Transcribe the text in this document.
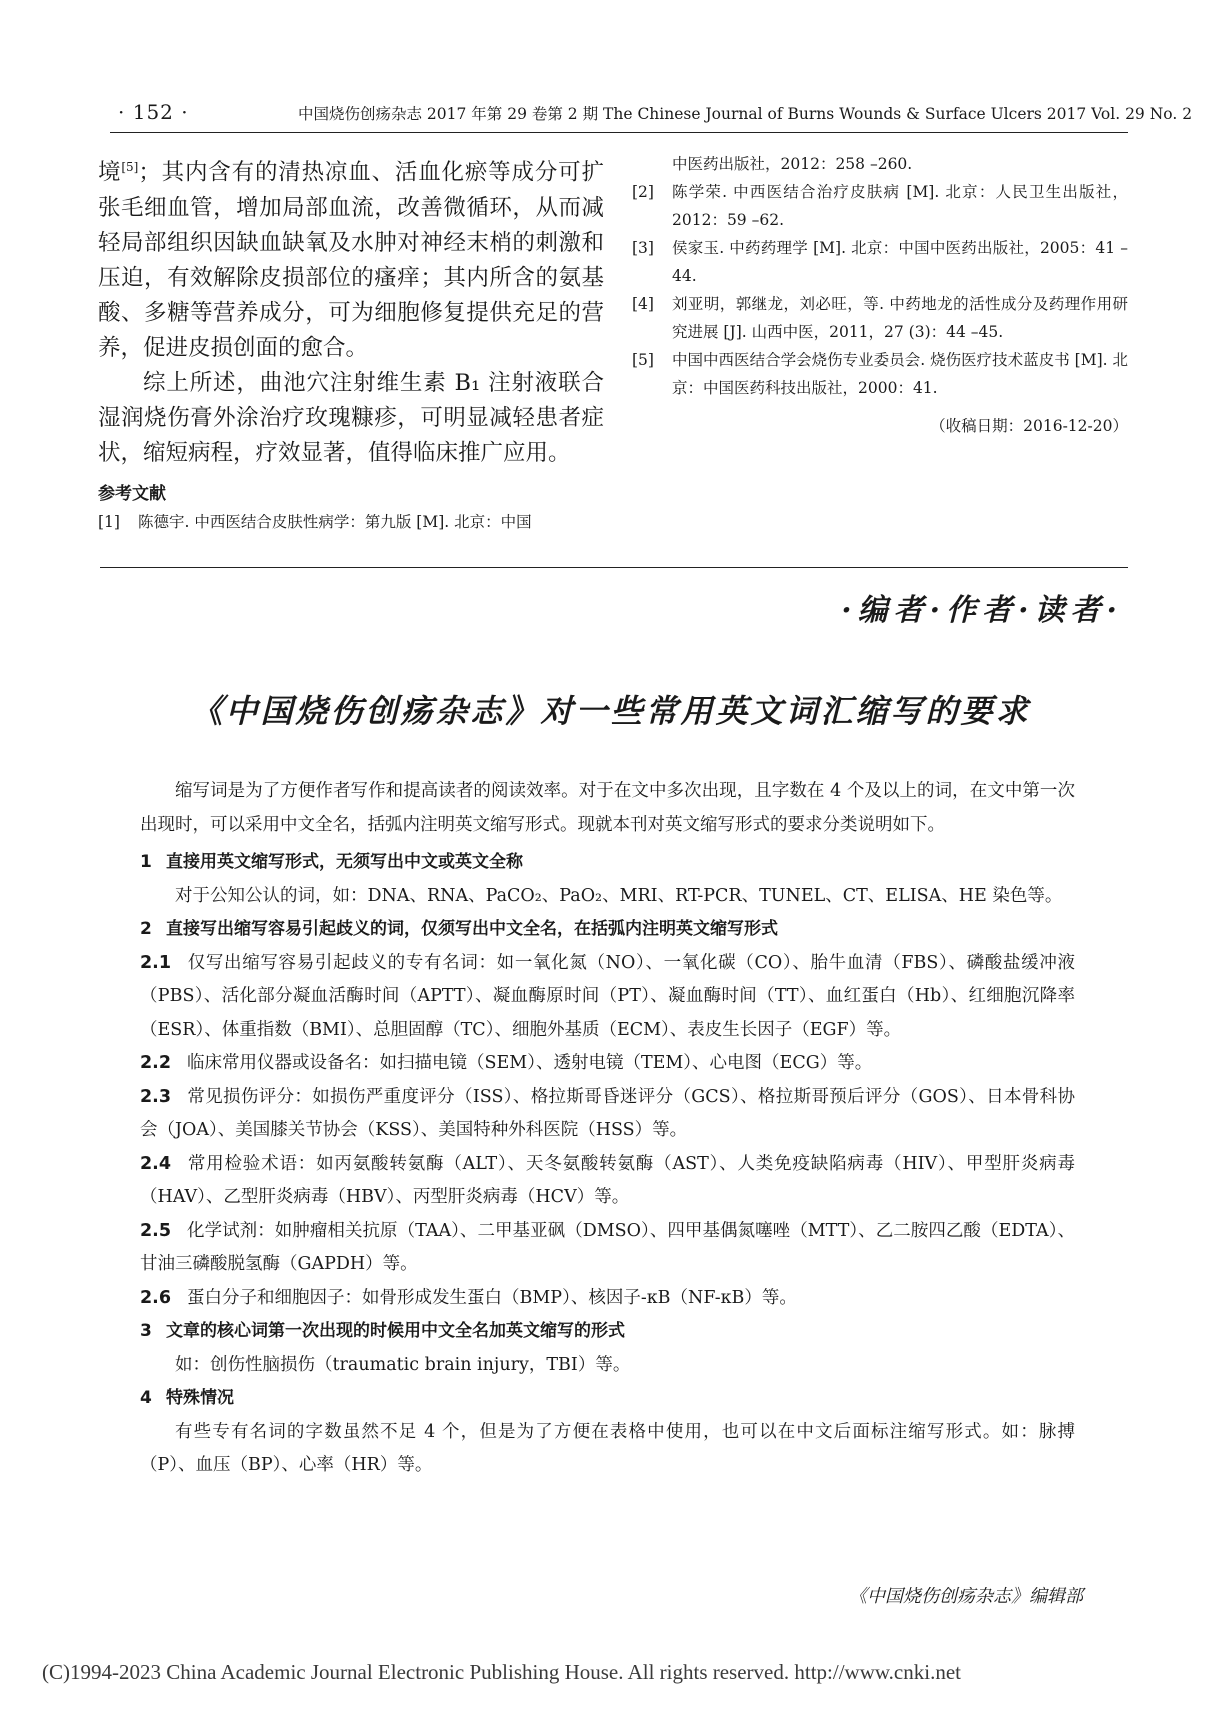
· 152 ·	中国烧伤创疡杂志 2017 年第 29 卷第 2 期 The Chinese Journal of Burns Wounds & Surface Ulcers 2017 Vol. 29 No. 2

境[5]；其内含有的清热凉血、活血化瘀等成分可扩张毛细血管，增加局部血流，改善微循环，从而减轻局部组织因缺血缺氧及水肿对神经末梢的刺激和压迫，有效解除皮损部位的瘙痒；其内所含的氨基酸、多糖等营养成分，可为细胞修复提供充足的营养，促进皮损创面的愈合。

综上所述，曲池穴注射维生素 B₁ 注射液联合湿润烧伤膏外涂治疗玫瑰糠疹，可明显减轻患者症状，缩短病程，疗效显著，值得临床推广应用。

参考文献
[1]	陈德宇. 中西医结合皮肤性病学：第九版 [M]. 北京：中国
中医药出版社，2012：258 –260.
[2]	陈学荣. 中西医结合治疗皮肤病 [M]. 北京：人民卫生出版社，2012：59 –62.
[3]	侯家玉. 中药药理学 [M]. 北京：中国中医药出版社，2005：41 –44.
[4]	刘亚明，郭继龙，刘必旺，等. 中药地龙的活性成分及药理作用研究进展 [J]. 山西中医，2011，27 (3)：44 –45.
[5]	中国中西医结合学会烧伤专业委员会. 烧伤医疗技术蓝皮书 [M]. 北京：中国医药科技出版社，2000：41.
（收稿日期：2016-12-20）
·编者·作者·读者·
《中国烧伤创疡杂志》对一些常用英文词汇缩写的要求

缩写词是为了方便作者写作和提高读者的阅读效率。对于在文中多次出现，且字数在 4 个及以上的词，在文中第一次出现时，可以采用中文全名，括弧内注明英文缩写形式。现就本刊对英文缩写形式的要求分类说明如下。

1 直接用英文缩写形式，无须写出中文或英文全称

对于公知公认的词，如：DNA、RNA、PaCO₂、PaO₂、MRI、RT-PCR、TUNEL、CT、ELISA、HE 染色等。

2 直接写出缩写容易引起歧义的词，仅须写出中文全名，在括弧内注明英文缩写形式

2.1 仅写出缩写容易引起歧义的专有名词：如一氧化氮（NO）、一氧化碳（CO）、胎牛血清（FBS）、磷酸盐缓冲液（PBS）、活化部分凝血活酶时间（APTT）、凝血酶原时间（PT）、凝血酶时间（TT）、血红蛋白（Hb）、红细胞沉降率（ESR）、体重指数（BMI）、总胆固醇（TC）、细胞外基质（ECM）、表皮生长因子（EGF）等。

2.2 临床常用仪器或设备名：如扫描电镜（SEM）、透射电镜（TEM）、心电图（ECG）等。

2.3 常见损伤评分：如损伤严重度评分（ISS）、格拉斯哥昏迷评分（GCS）、格拉斯哥预后评分（GOS）、日本骨科协会（JOA）、美国膝关节协会（KSS）、美国特种外科医院（HSS）等。

2.4 常用检验术语：如丙氨酸转氨酶（ALT）、天冬氨酸转氨酶（AST）、人类免疫缺陷病毒（HIV）、甲型肝炎病毒（HAV）、乙型肝炎病毒（HBV）、丙型肝炎病毒（HCV）等。

2.5 化学试剂：如肿瘤相关抗原（TAA）、二甲基亚砜（DMSO）、四甲基偶氮噻唑（MTT）、乙二胺四乙酸（EDTA）、甘油三磷酸脱氢酶（GAPDH）等。

2.6 蛋白分子和细胞因子：如骨形成发生蛋白（BMP）、核因子-κB（NF-κB）等。

3 文章的核心词第一次出现的时候用中文全名加英文缩写的形式

如：创伤性脑损伤（traumatic brain injury，TBI）等。

4 特殊情况

有些专有名词的字数虽然不足 4 个，但是为了方便在表格中使用，也可以在中文后面标注缩写形式。如：脉搏（P）、血压（BP）、心率（HR）等。

《中国烧伤创疡杂志》编辑部
(C)1994-2023 China Academic Journal Electronic Publishing House. All rights reserved. http://www.cnki.net
